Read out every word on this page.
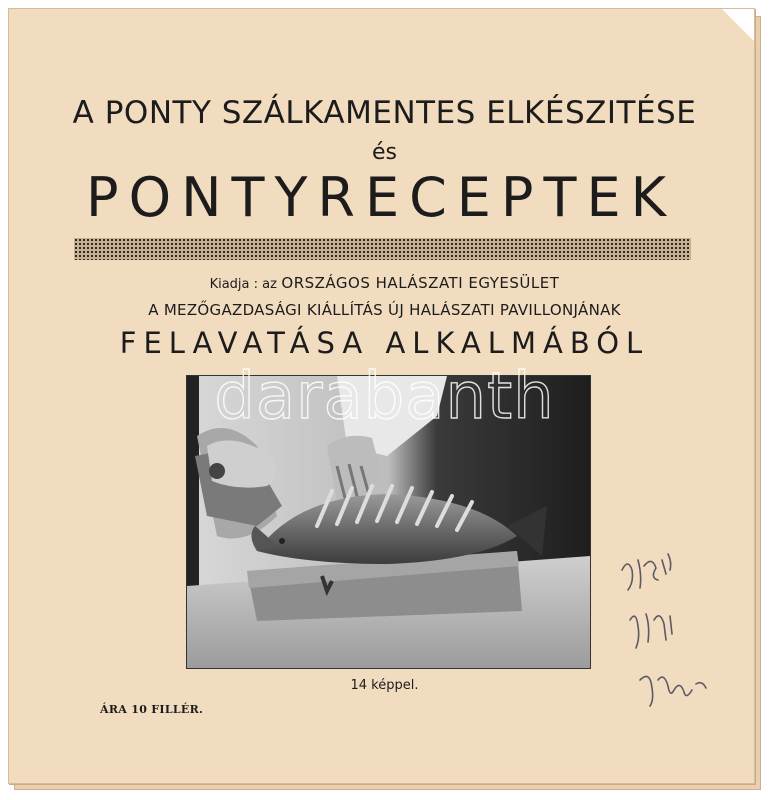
A PONTY SZÁLKAMENTES ELKÉSZITÉSE
és
PONTYRECEPTEK
Kiadja : az ORSZÁGOS HALÁSZATI EGYESÜLET
A MEZŐGAZDASÁGI KIÁLLÍTÁS ÚJ HALÁSZATI PAVILLONJÁNAK
FELAVATÁSA ALKALMÁBÓL
darabanth
14 képpel.
ÁRA 10 FILLÉR.
